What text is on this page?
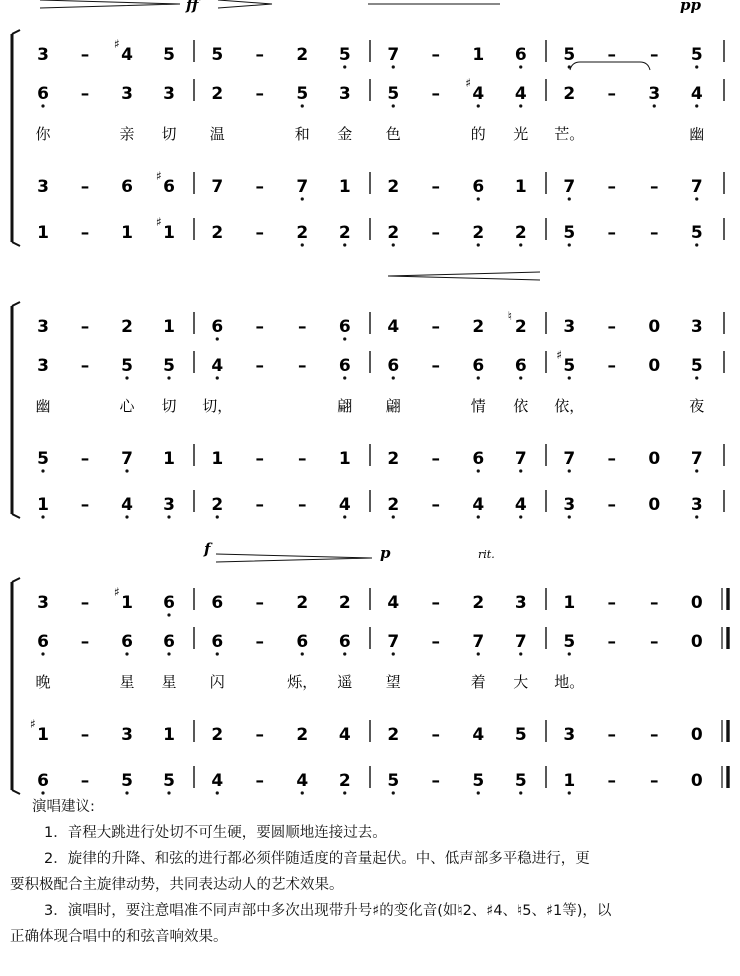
ff	pp
3 – 4
♯
5 5 – 2 5 7 – 1 6 5 – – 5
6 – 3 3 2 – 5 3 5 – 4
♯
4 2 – 3 4
你	亲 切 温	和 金 色	的 光 芒。	幽
3 – 6 6
♯
7 – 7 1 2 – 6 1 7 – – 7
1 – 1 1
♯
2 – 2 2 2 – 2 2 5 – – 5
3 – 2 1 6 – – 6 4 – 2 2
♮
3 – 0 3
3 – 5 5 4 – – 6 6 – 6 6 5
♯
– 0 5
幽	心 切 切，	翩 翩	情 依 依，	夜
5 – 7 1 1 – – 1 2 – 6 7 7 – 0 7
1 – 4 3 2 – – 4 2 – 4 4 3 – 0 3
f	p	rit.
3 – 1
♯
6 6 – 2 2 4 – 2 3 1 – – 0
6 – 6 6 6 – 6 6 7 – 7 7 5 – – 0
晚	星 星 闪	烁， 遥 望	着 大 地。
1
♯
– 3 1 2 – 2 4 2 – 4 5 3 – – 0
6 – 5 5 4 – 4 2 5 – 5 5 1 – – 0
演唱建议:
1．音程大跳进行处切不可生硬，要圆顺地连接过去。
2．旋律的升降、和弦的进行都必须伴随适度的音量起伏。中、低声部多平稳进行，更
要积极配合主旋律动势，共同表达动人的艺术效果。
3．演唱时，要注意唱准不同声部中多次出现带升号♯的变化音(如♮2、♯4、♮5、♯1等)，以
正确体现合唱中的和弦音响效果。
